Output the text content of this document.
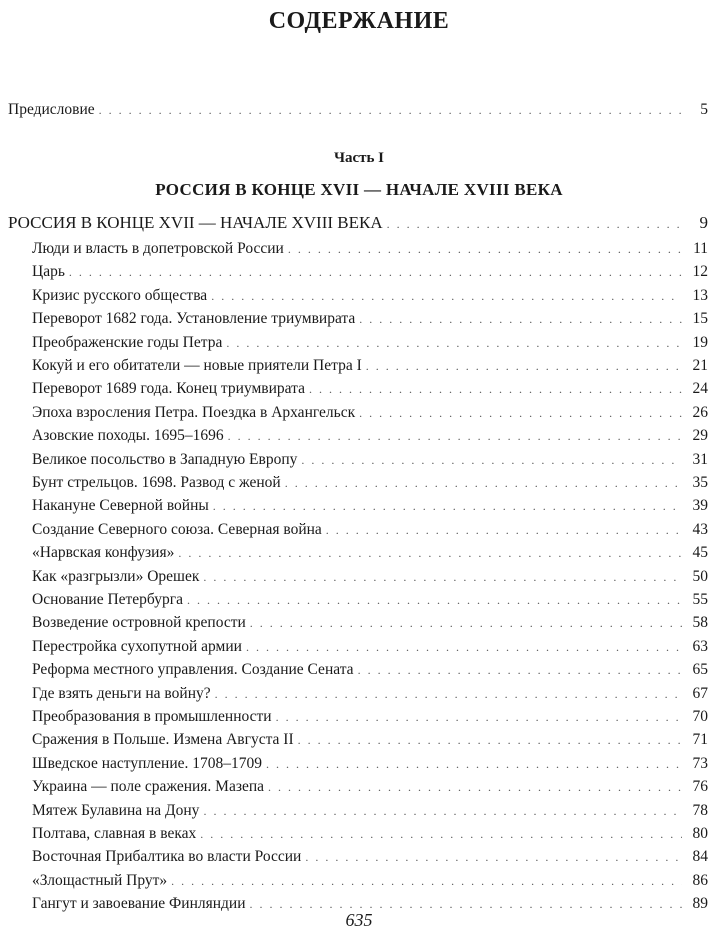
СОДЕРЖАНИЕ
Предисловие . . .	5
Часть I
РОССИЯ В КОНЦЕ XVII — НАЧАЛЕ XVIII ВЕКА
РОССИЯ В КОНЦЕ XVII — НАЧАЛЕ XVIII ВЕКА . . .	9
Люди и власть в допетровской России . . .	11
Царь . . .	12
Кризис русского общества . . .	13
Переворот 1682 года. Установление триумвирата . . .	15
Преображенские годы Петра . . .	19
Кокуй и его обитатели — новые приятели Петра I . . .	21
Переворот 1689 года. Конец триумвирата . . .	24
Эпоха взросления Петра. Поездка в Архангельск . . .	26
Азовские походы. 1695–1696 . . .	29
Великое посольство в Западную Европу . . .	31
Бунт стрельцов. 1698. Развод с женой . . .	35
Накануне Северной войны . . .	39
Создание Северного союза. Северная война . . .	43
«Нарвская конфузия» . . .	45
Как «разгрызли» Орешек . . .	50
Основание Петербурга . . .	55
Возведение островной крепости . . .	58
Перестройка сухопутной армии . . .	63
Реформа местного управления. Создание Сената . . .	65
Где взять деньги на войну? . . .	67
Преобразования в промышленности . . .	70
Сражения в Польше. Измена Августа II . . .	71
Шведское наступление. 1708–1709 . . .	73
Украина — поле сражения. Мазепа . . .	76
Мятеж Булавина на Дону . . .	78
Полтава, славная в веках . . .	80
Восточная Прибалтика во власти России . . .	84
«Злощастный Прут» . . .	86
Гангут и завоевание Финляндии . . .	89
635
